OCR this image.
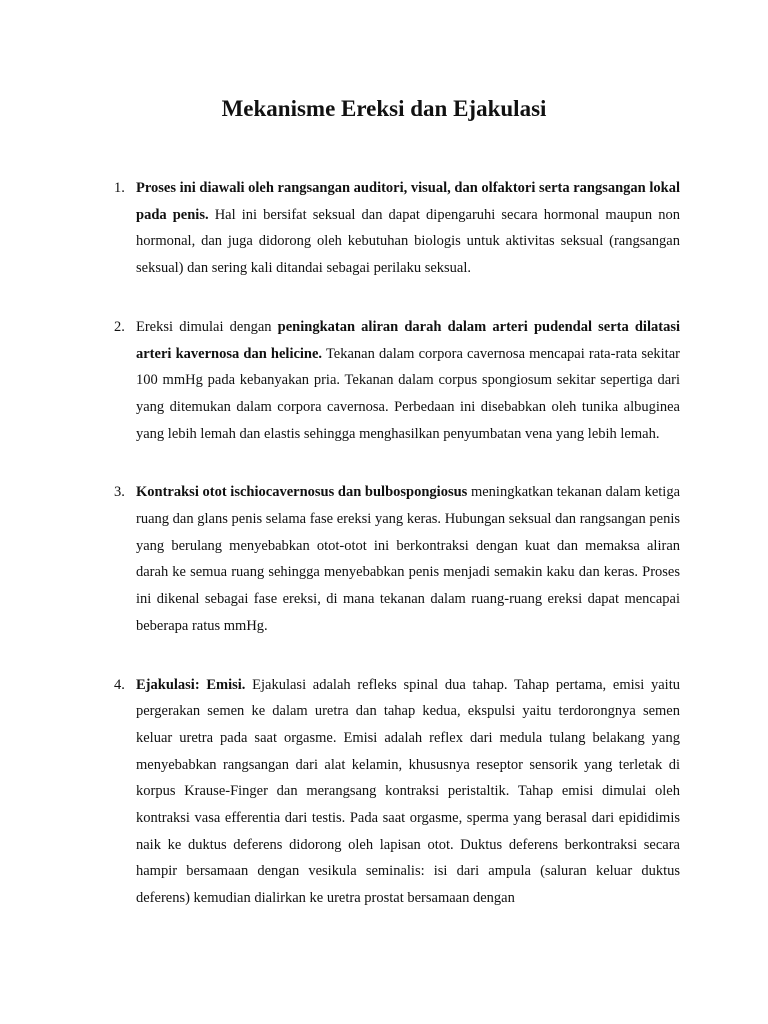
Mekanisme Ereksi dan Ejakulasi
1. Proses ini diawali oleh rangsangan auditori, visual, dan olfaktori serta rangsangan lokal pada penis. Hal ini bersifat seksual dan dapat dipengaruhi secara hormonal maupun non hormonal, dan juga didorong oleh kebutuhan biologis untuk aktivitas seksual (rangsangan seksual) dan sering kali ditandai sebagai perilaku seksual.

2. Ereksi dimulai dengan peningkatan aliran darah dalam arteri pudendal serta dilatasi arteri kavernosa dan helicine. Tekanan dalam corpora cavernosa mencapai rata-rata sekitar 100 mmHg pada kebanyakan pria. Tekanan dalam corpus spongiosum sekitar sepertiga dari yang ditemukan dalam corpora cavernosa. Perbedaan ini disebabkan oleh tunika albuginea yang lebih lemah dan elastis sehingga menghasilkan penyumbatan vena yang lebih lemah.

3. Kontraksi otot ischiocavernosus dan bulbospongiosus meningkatkan tekanan dalam ketiga ruang dan glans penis selama fase ereksi yang keras. Hubungan seksual dan rangsangan penis yang berulang menyebabkan otot-otot ini berkontraksi dengan kuat dan memaksa aliran darah ke semua ruang sehingga menyebabkan penis menjadi semakin kaku dan keras. Proses ini dikenal sebagai fase ereksi, di mana tekanan dalam ruang-ruang ereksi dapat mencapai beberapa ratus mmHg.

4. Ejakulasi: Emisi. Ejakulasi adalah refleks spinal dua tahap. Tahap pertama, emisi yaitu pergerakan semen ke dalam uretra dan tahap kedua, ekspulsi yaitu terdorongnya semen keluar uretra pada saat orgasme. Emisi adalah reflex dari medula tulang belakang yang menyebabkan rangsangan dari alat kelamin, khususnya reseptor sensorik yang terletak di korpus Krause-Finger dan merangsang kontraksi peristaltik. Tahap emisi dimulai oleh kontraksi vasa efferentia dari testis. Pada saat orgasme, sperma yang berasal dari epididimis naik ke duktus deferens didorong oleh lapisan otot. Duktus deferens berkontraksi secara hampir bersamaan dengan vesikula seminalis: isi dari ampula (saluran keluar duktus deferens) kemudian dialirkan ke uretra prostat bersamaan dengan
